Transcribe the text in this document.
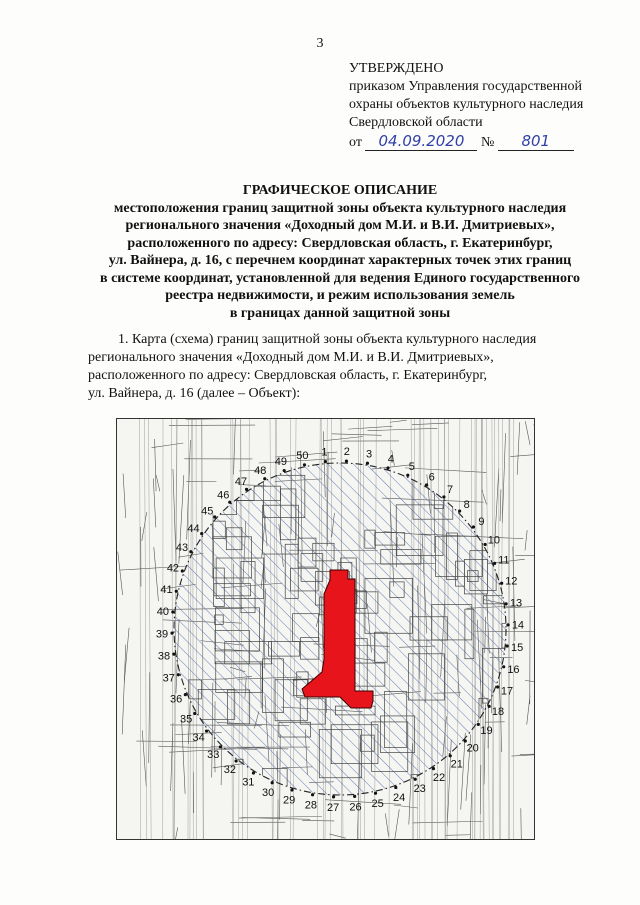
3
УТВЕРЖДЕНО
приказом Управления государственной
охраны объектов культурного наследия
Свердловской области
от 04.09.2020 № 801
ГРАФИЧЕСКОЕ ОПИСАНИЕ
местоположения границ защитной зоны объекта культурного наследия
регионального значения «Доходный дом М.И. и В.И. Дмитриевых»,
расположенного по адресу: Свердловская область, г. Екатеринбург,
ул. Вайнера, д. 16, с перечнем координат характерных точек этих границ
в системе координат, установленной для ведения Единого государственного
реестра недвижимости, и режим использования земель
в границах данной защитной зоны
1. Карта (схема) границ защитной зоны объекта культурного наследия
регионального значения «Доходный дом М.И. и В.И. Дмитриевых»,
расположенного по адресу: Свердловская область, г. Екатеринбург,
ул. Вайнера, д. 16 (далее – Объект):
1 2 3 4
5
6
7
8
9
10
11
12
13
14
15
16
17
18
19
20
21
22
23
24
25
26
27
28
29
30
31
32
33
34
35
36
37
38
39
40
41
42
43
44
45
46
47
48
49
50
